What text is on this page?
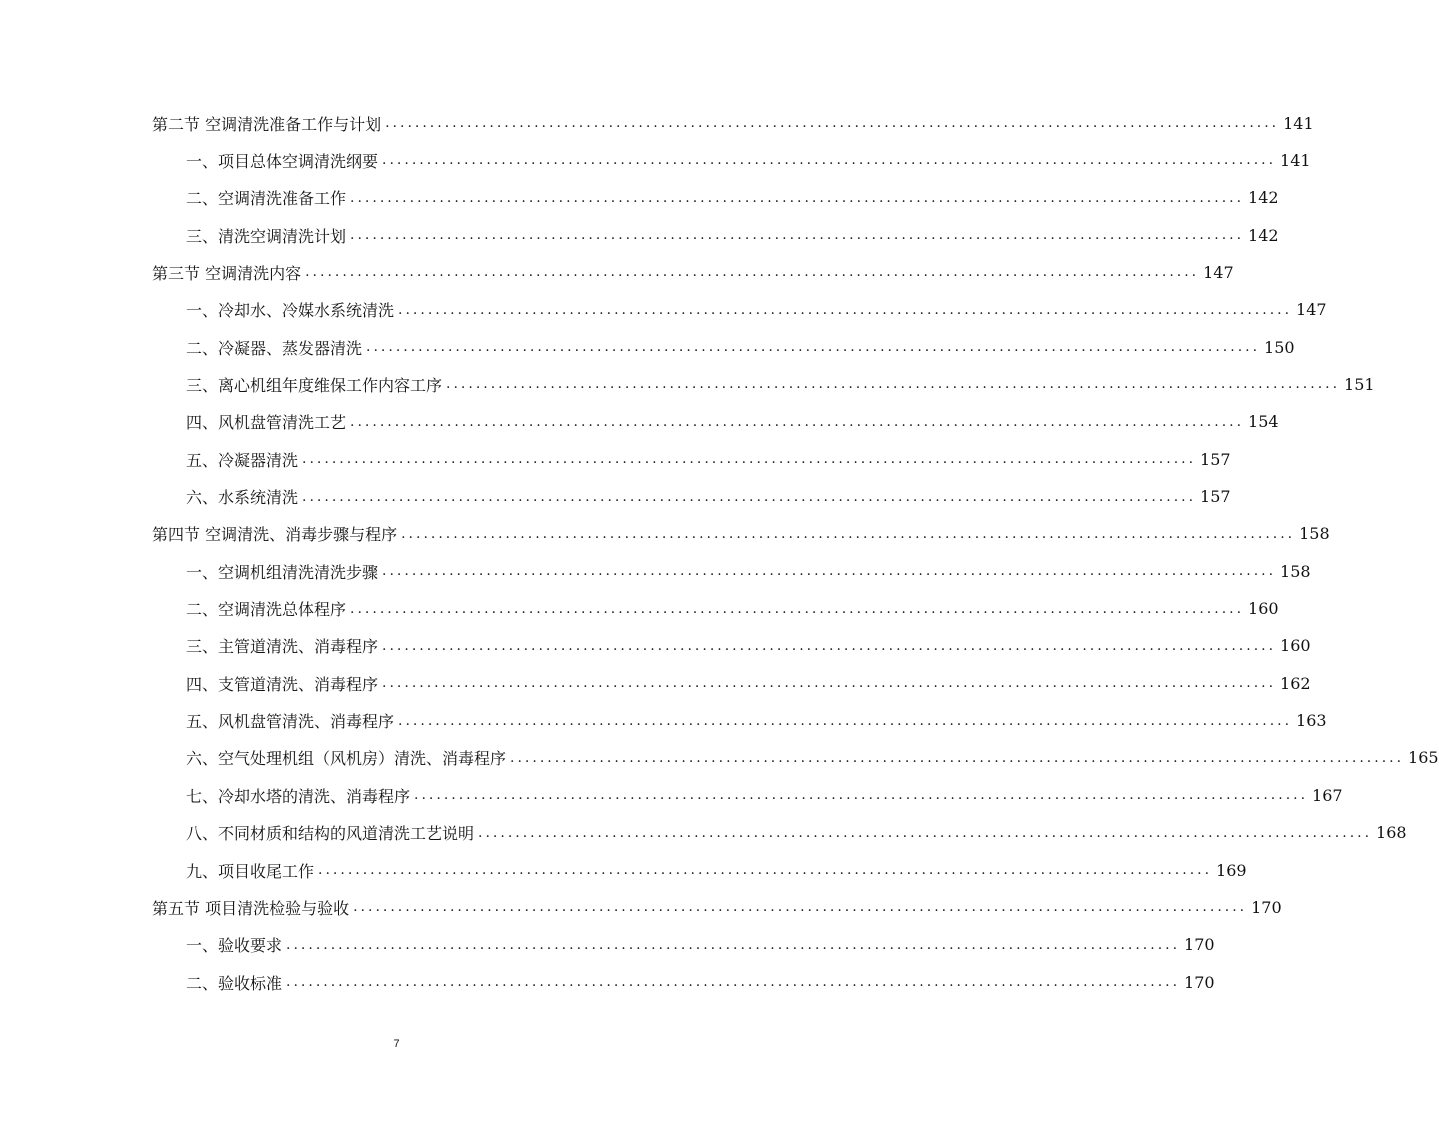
第二节 空调清洗准备工作与计划 ........................................................................................................................ 141
一、项目总体空调清洗纲要 ........................................................................................................................ 141
二、空调清洗准备工作 ........................................................................................................................ 142
三、清洗空调清洗计划 ........................................................................................................................ 142
第三节 空调清洗内容 ........................................................................................................................ 147
一、冷却水、冷媒水系统清洗 ........................................................................................................................ 147
二、冷凝器、蒸发器清洗 ........................................................................................................................ 150
三、离心机组年度维保工作内容工序 ........................................................................................................................ 151
四、风机盘管清洗工艺 ........................................................................................................................ 154
五、冷凝器清洗 ........................................................................................................................ 157
六、水系统清洗 ........................................................................................................................ 157
第四节 空调清洗、消毒步骤与程序 ........................................................................................................................ 158
一、空调机组清洗清洗步骤 ........................................................................................................................ 158
二、空调清洗总体程序 ........................................................................................................................ 160
三、主管道清洗、消毒程序 ........................................................................................................................ 160
四、支管道清洗、消毒程序 ........................................................................................................................ 162
五、风机盘管清洗、消毒程序 ........................................................................................................................ 163
六、空气处理机组（风机房）清洗、消毒程序 ........................................................................................................................ 165
七、冷却水塔的清洗、消毒程序 ........................................................................................................................ 167
八、不同材质和结构的风道清洗工艺说明 ........................................................................................................................ 168
九、项目收尾工作 ........................................................................................................................ 169
第五节 项目清洗检验与验收 ........................................................................................................................ 170
一、验收要求 ........................................................................................................................ 170
二、验收标准 ........................................................................................................................ 170
7
